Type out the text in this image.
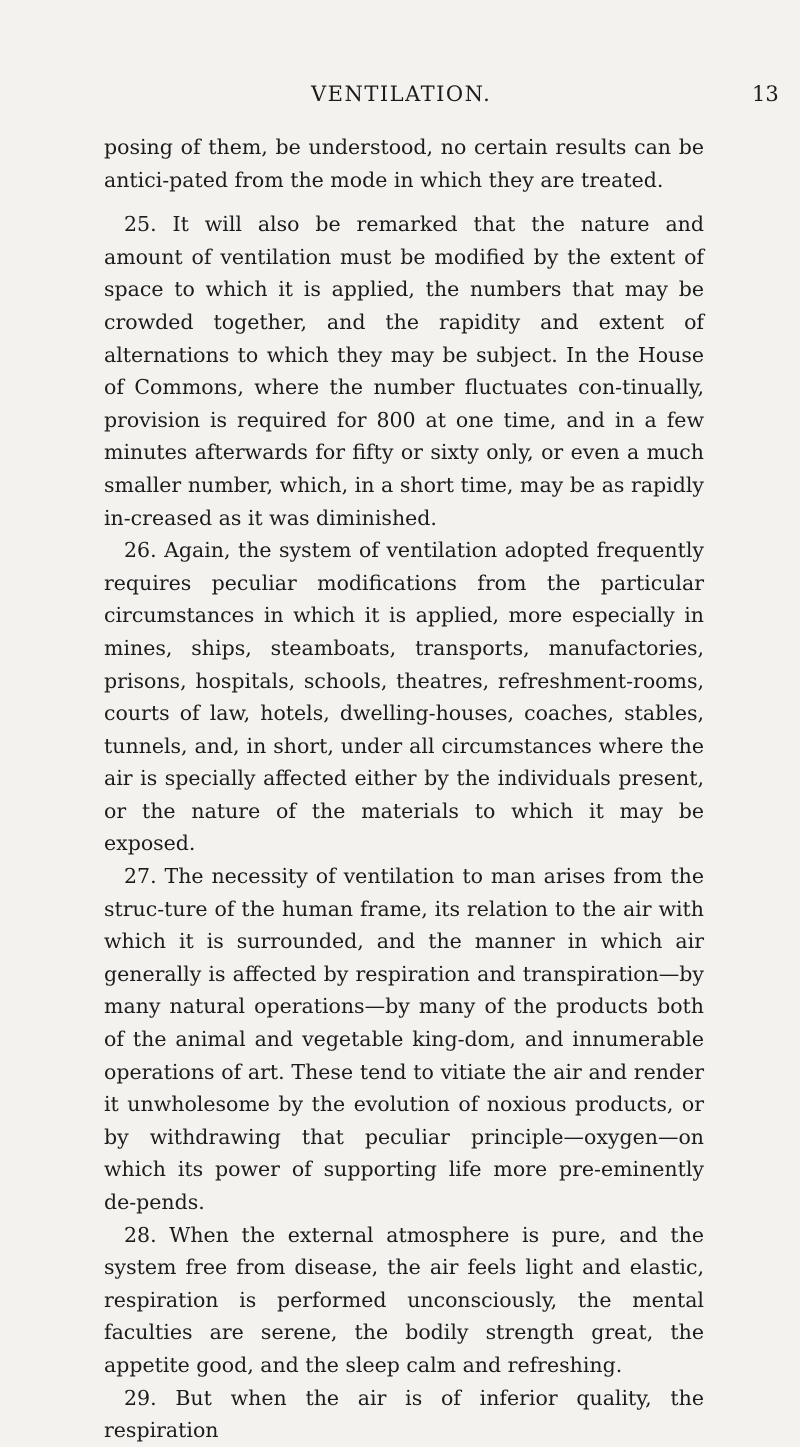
VENTILATION.	13

posing of them, be understood, no certain results can be antici-pated from the mode in which they are treated.

25. It will also be remarked that the nature and amount of ventilation must be modified by the extent of space to which it is applied, the numbers that may be crowded together, and the rapidity and extent of alternations to which they may be subject. In the House of Commons, where the number fluctuates con-tinually, provision is required for 800 at one time, and in a few minutes afterwards for fifty or sixty only, or even a much smaller number, which, in a short time, may be as rapidly in-creased as it was diminished.

26. Again, the system of ventilation adopted frequently requires peculiar modifications from the particular circumstances in which it is applied, more especially in mines, ships, steamboats, transports, manufactories, prisons, hospitals, schools, theatres, refreshment-rooms, courts of law, hotels, dwelling-houses, coaches, stables, tunnels, and, in short, under all circumstances where the air is specially affected either by the individuals present, or the nature of the materials to which it may be exposed.

27. The necessity of ventilation to man arises from the struc-ture of the human frame, its relation to the air with which it is surrounded, and the manner in which air generally is affected by respiration and transpiration—by many natural operations—by many of the products both of the animal and vegetable king-dom, and innumerable operations of art. These tend to vitiate the air and render it unwholesome by the evolution of noxious products, or by withdrawing that peculiar principle—oxygen—on which its power of supporting life more pre-eminently de-pends.

28. When the external atmosphere is pure, and the system free from disease, the air feels light and elastic, respiration is performed unconsciously, the mental faculties are serene, the bodily strength great, the appetite good, and the sleep calm and refreshing.

29. But when the air is of inferior quality, the respiration
